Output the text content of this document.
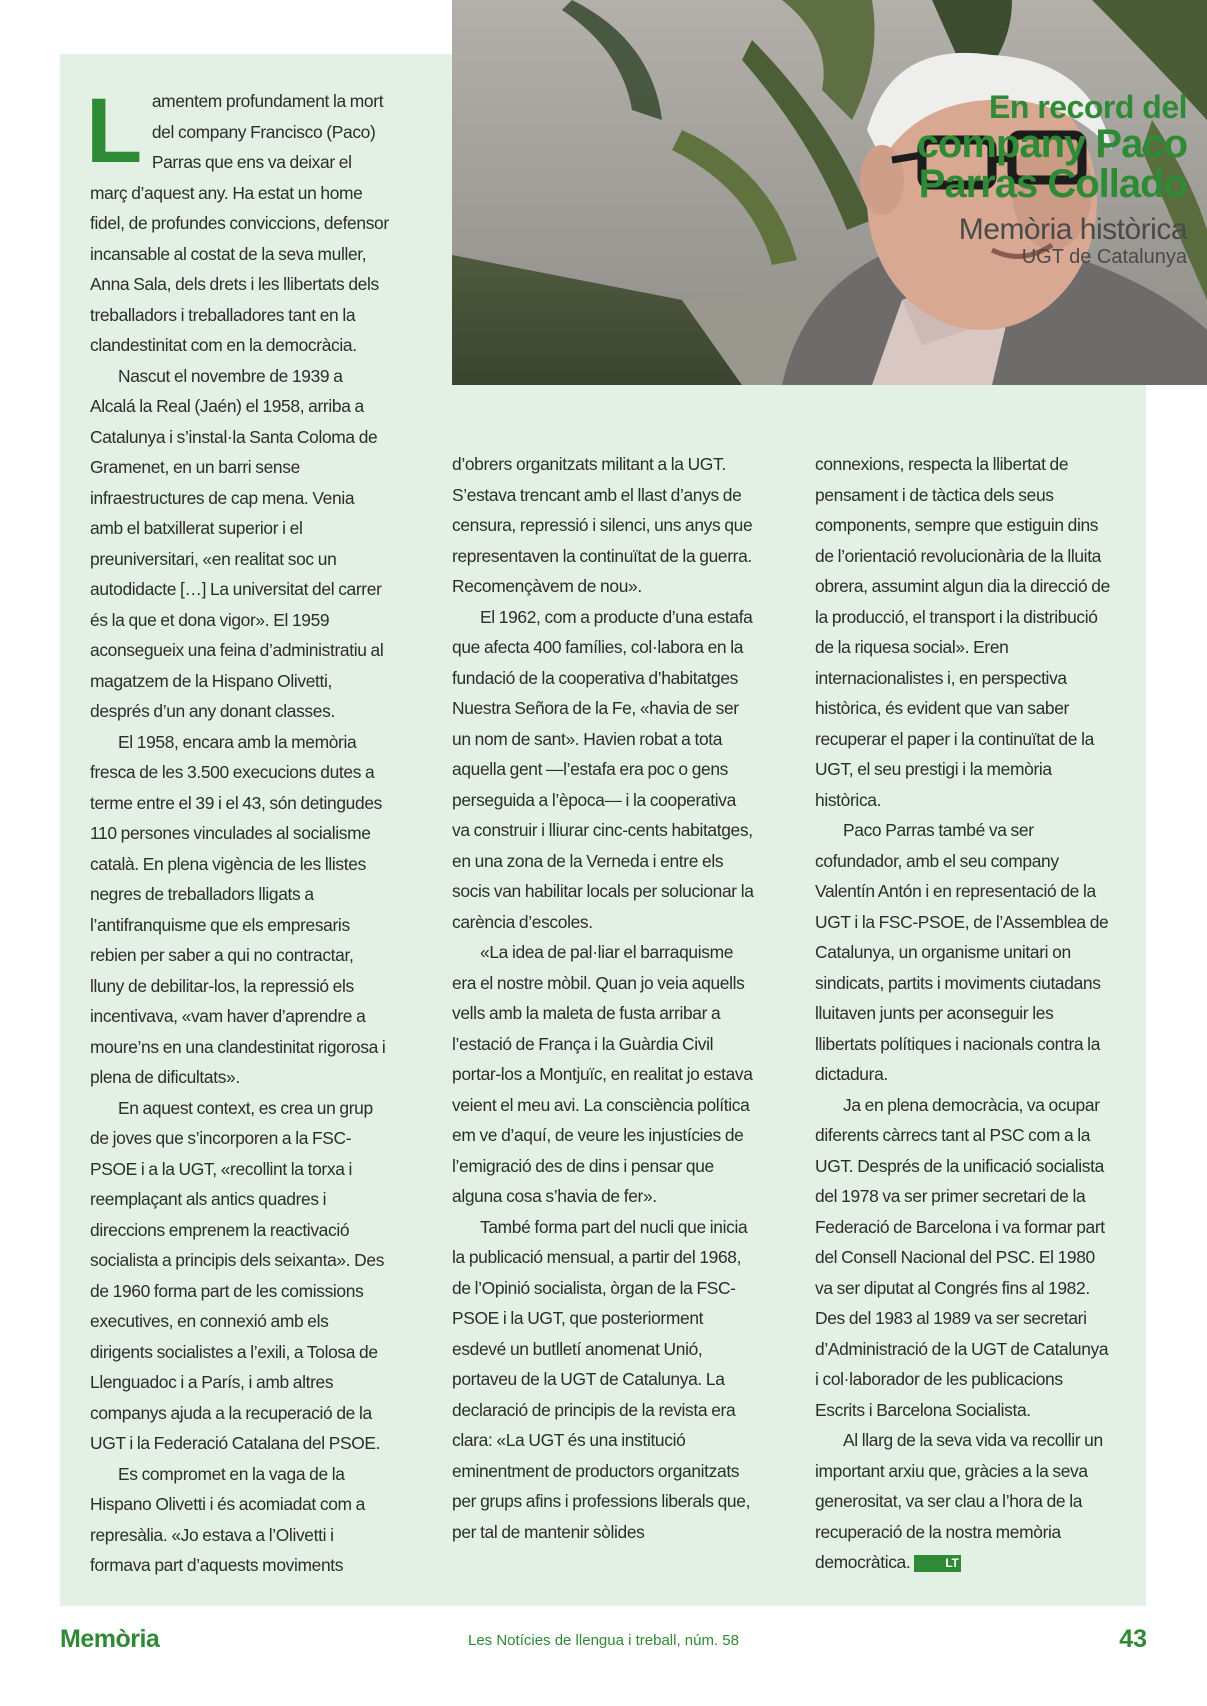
En record del
company Paco
Parras Collado
Memòria històrica
UGT de Catalunya
L amentem profundament la mort del company Francisco (Paco) Parras que ens va deixar el març d’aquest any. Ha estat un home fidel, de profundes conviccions, defensor incansable al costat de la seva muller, Anna Sala, dels drets i les llibertats dels treballadors i treballadores tant en la clandestinitat com en la democràcia.

Nascut el novembre de 1939 a Alcalá la Real (Jaén) el 1958, arriba a Catalunya i s’instal·la Santa Coloma de Gramenet, en un barri sense infraestructures de cap mena. Venia amb el batxillerat superior i el preuniversitari, «en realitat soc un autodidacte […] La universitat del carrer és la que et dona vigor». El 1959 aconsegueix una feina d’administratiu al magatzem de la Hispano Olivetti, després d’un any donant classes.

El 1958, encara amb la memòria fresca de les 3.500 execucions dutes a terme entre el 39 i el 43, són detingudes 110 persones vinculades al socialisme català. En plena vigència de les llistes negres de treballadors lligats a l’antifranquisme que els empresaris rebien per saber a qui no contractar, lluny de debilitar-los, la repressió els incentivava, «vam haver d’aprendre a moure’ns en una clandestinitat rigorosa i plena de dificultats».

En aquest context, es crea un grup de joves que s’incorporen a la FSC-PSOE i a la UGT, «recollint la torxa i reemplaçant als antics quadres i direccions emprenem la reactivació socialista a principis dels seixanta». Des de 1960 forma part de les comissions executives, en connexió amb els dirigents socialistes a l’exili, a Tolosa de Llenguadoc i a París, i amb altres companys ajuda a la recuperació de la UGT i la Federació Catalana del PSOE.

Es compromet en la vaga de la Hispano Olivetti i és acomiadat com a represàlia. «Jo estava a l’Olivetti i formava part d’aquests moviments

d’obrers organitzats militant a la UGT. S’estava trencant amb el llast d’anys de censura, repressió i silenci, uns anys que representaven la continuïtat de la guerra. Recomençàvem de nou».

El 1962, com a producte d’una estafa que afecta 400 famílies, col·labora en la fundació de la cooperativa d’habitatges Nuestra Señora de la Fe, «havia de ser un nom de sant». Havien robat a tota aquella gent —l’estafa era poc o gens perseguida a l’època— i la cooperativa va construir i lliurar cinc-cents habitatges, en una zona de la Verneda i entre els socis van habilitar locals per solucionar la carència d’escoles.

«La idea de pal·liar el barraquisme era el nostre mòbil. Quan jo veia aquells vells amb la maleta de fusta arribar a l’estació de França i la Guàrdia Civil portar-los a Montjuïc, en realitat jo estava veient el meu avi. La consciència política em ve d’aquí, de veure les injustícies de l’emigració des de dins i pensar que alguna cosa s’havia de fer».

També forma part del nucli que inicia la publicació mensual, a partir del 1968, de l’Opinió socialista, òrgan de la FSC-PSOE i la UGT, que posteriorment esdevé un butlletí anomenat Unió, portaveu de la UGT de Catalunya. La declaració de principis de la revista era clara: «La UGT és una institució eminentment de productors organitzats per grups afins i professions liberals que, per tal de mantenir sòlides

connexions, respecta la llibertat de pensament i de tàctica dels seus components, sempre que estiguin dins de l’orientació revolucionària de la lluita obrera, assumint algun dia la direcció de la producció, el transport i la distribució de la riquesa social». Eren internacionalistes i, en perspectiva històrica, és evident que van saber recuperar el paper i la continuïtat de la UGT, el seu prestigi i la memòria històrica.

Paco Parras també va ser cofundador, amb el seu company Valentín Antón i en representació de la UGT i la FSC-PSOE, de l’Assemblea de Catalunya, un organisme unitari on sindicats, partits i moviments ciutadans lluitaven junts per aconseguir les llibertats polítiques i nacionals contra la dictadura.

Ja en plena democràcia, va ocupar diferents càrrecs tant al PSC com a la UGT. Després de la unificació socialista del 1978 va ser primer secretari de la Federació de Barcelona i va formar part del Consell Nacional del PSC. El 1980 va ser diputat al Congrés fins al 1982. Des del 1983 al 1989 va ser secretari d’Administració de la UGT de Catalunya i col·laborador de les publicacions Escrits i Barcelona Socialista.

Al llarg de la seva vida va recollir un important arxiu que, gràcies a la seva generositat, va ser clau a l’hora de la recuperació de la nostra memòria democràtica.	LT

Memòria	Les Notícies de llengua i treball, núm. 58	43
